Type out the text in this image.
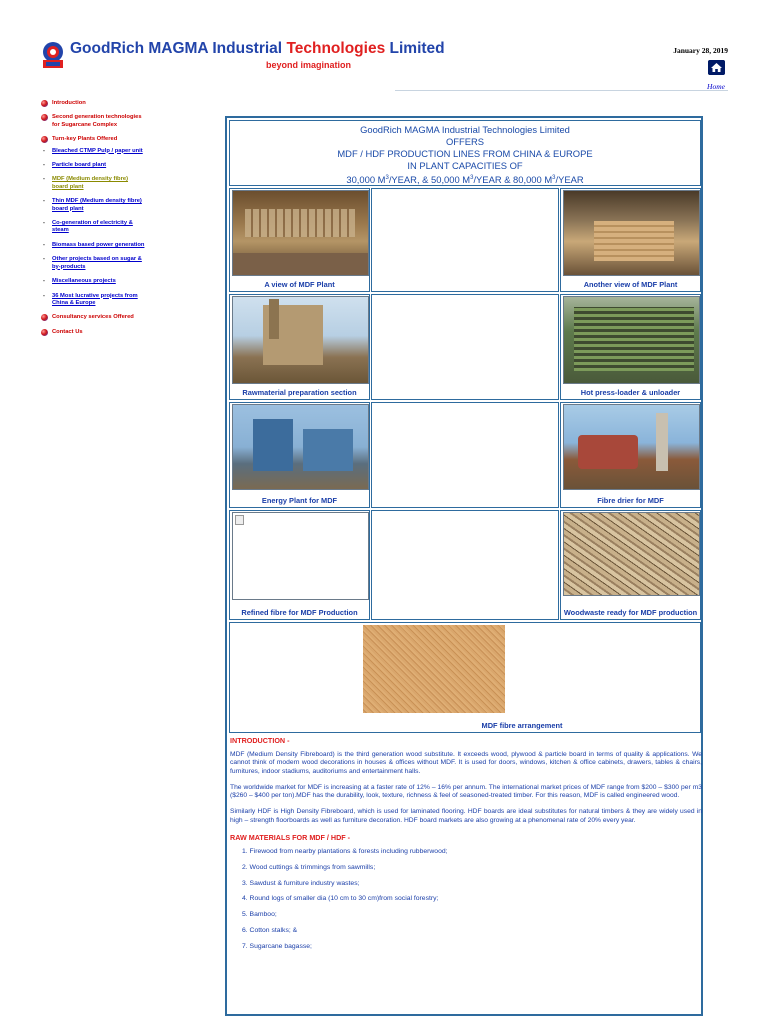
GoodRich MAGMA Industrial Technologies Limited
beyond imagination
January 28, 2019
Home
Introduction
Second generation technologies for Sugarcane Complex
Turn-key Plants Offered
- Bleached CTMP Pulp / paper unit
- Particle board plant
- MDF (Medium density fibre) board plant
- Thin MDF (Medium density fibre) board plant
- Co-generation of electricity & steam
- Biomass based power generation
- Other projects based on sugar & by-products
- Miscellaneous projects
- 36 Most lucrative projects from China & Europe
Consultancy services Offered
Contact Us
GoodRich MAGMA Industrial Technologies Limited
OFFERS
MDF / HDF PRODUCTION LINES FROM CHINA & EUROPE
IN PLANT CAPACITIES OF
30,000 $M^3$/YEAR, & 50,000 $M^3$/YEAR & 80,000 $M^3$/YEAR
A view of MDF Plant	Another view of MDF Plant
Rawmaterial preparation section	Hot press-loader & unloader
Energy Plant for MDF	Fibre drier for MDF
Refined fibre for MDF Production	Woodwaste ready for MDF production
MDF fibre arrangement
INTRODUCTION -
MDF (Medium Density Fibreboard) is the third generation wood substitute. It exceeds wood, plywood & particle board in terms of quality & applications. We cannot think of modern wood decorations in houses & offices without MDF. It is used for doors, windows, kitchen & office cabinets, drawers, tables & chairs, furnitures, indoor stadiums, auditoriums and entertainment halls.
The worldwide market for MDF is increasing at a faster rate of 12% – 16% per annum. The international market prices of MDF range from $200 – $300 per m3 ($260 – $400 per ton).MDF has the durability, look, texture, richness & feel of seasoned-treated timber. For this reason, MDF is called engineered wood.
Similarly HDF is High Density Fibreboard, which is used for laminated flooring. HDF boards are ideal substitutes for natural timbers & they are widely used in high – strength floorboards as well as furniture decoration. HDF board markets are also growing at a phenomenal rate of 20% every year.
RAW MATERIALS FOR MDF / HDF -
1. Firewood from nearby plantations & forests including rubberwood;
2. Wood cuttings & trimmings from sawmills;
3. Sawdust & furniture industry wastes;
4. Round logs of smaller dia (10 cm to 30 cm)from social forestry;
5. Bamboo;
6. Cotton stalks; &
7. Sugarcane bagasse;
